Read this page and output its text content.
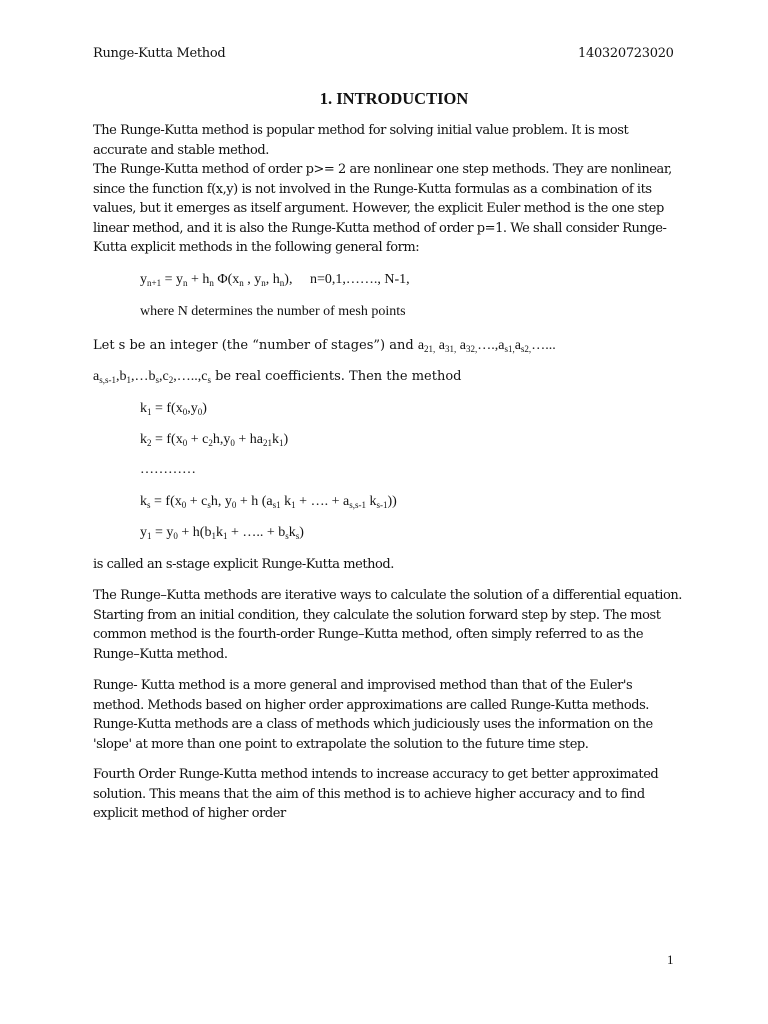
Runge-Kutta Method	140320723020
1. INTRODUCTION

The Runge-Kutta method is popular method for solving initial value problem. It is most accurate and stable method.

The Runge-Kutta method of order p>= 2 are nonlinear one step methods. They are nonlinear, since the function f(x,y) is not involved in the Runge-Kutta formulas as a combination of its values, but it emerges as itself argument. However, the explicit Euler method is the one step linear method, and it is also the Runge-Kutta method of order p=1. We shall consider Runge-Kutta explicit methods in the following general form:

$y_{n+1} = y_n + h_n$ $\Phi(x_n$ , $y_n$, $h_n$),     n=0,1,……., N-1,
where N determines the number of mesh points
Let s be an integer (the “number of stages”) and $a_{21,}$ $a_{31,}$ $a_{32,}\dots.,a_{s1,}a_{s2,}\dots$...
$a_{s,s-1},b_1,\dots b_s,c_2,\dots..,c_s$ be real coefficients. Then the method
$k_1 = f(x_0,y_0)$
$k_2 = f(x_0 + c_2h,y_0 + ha_{21}k_1)$
…………
$k_s = f(x_0 + c_sh$, $y_0 + h$ ($a_{s1}$ $k_1$ + …. + $a_{s,s-1}$ $k_{s-1}$))
$y_1 = y_0 + h(b_1k_1$ + ….. + $b_sk_s$)
is called an s-stage explicit Runge-Kutta method.
The Runge–Kutta methods are iterative ways to calculate the solution of a differential equation. Starting from an initial condition, they calculate the solution forward step by step. The most common method is the fourth-order Runge–Kutta method, often simply referred to as the Runge–Kutta method.
Runge- Kutta method is a more general and improvised method than that of the Euler's method. Methods based on higher order approximations are called Runge-Kutta methods. Runge-Kutta methods are a class of methods which judiciously uses the information on the 'slope' at more than one point to extrapolate the solution to the future time step.
Fourth Order Runge-Kutta method intends to increase accuracy to get better approximated solution. This means that the aim of this method is to achieve higher accuracy and to find explicit method of higher order
1
